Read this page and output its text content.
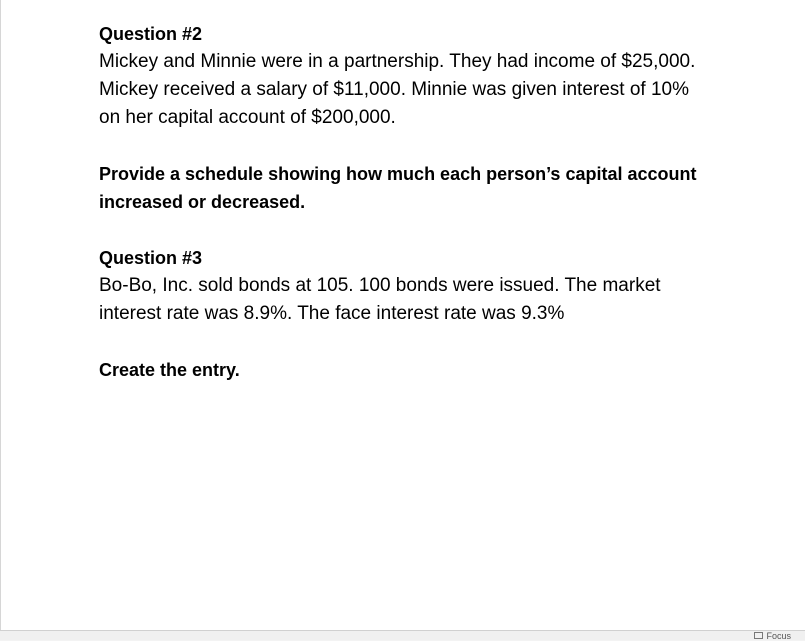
Question #2
Mickey and Minnie were in a partnership. They had income of $25,000.
Mickey received a salary of $11,000. Minnie was given interest of 10%
on her capital account of $200,000.
Provide a schedule showing how much each person’s capital account
increased or decreased.
Question #3
Bo-Bo, Inc. sold bonds at 105. 100 bonds were issued. The market
interest rate was 8.9%. The face interest rate was 9.3%
Create the entry.
Focus
